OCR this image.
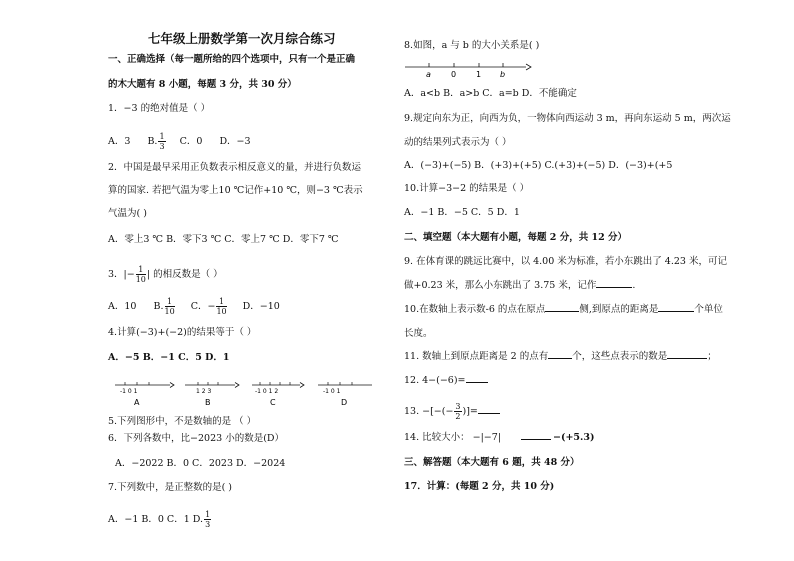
七年级上册数学第一次月综合练习
一、正确选择（每一题所给的四个选项中，只有一个是正确
的木大题有 8 小题，每题 3 分，共 30 分）
1．−3 的绝对值是（ ）
A．3 B. $\frac{1}{3}$ C．0 D．−3
2．中国是最早采用正负数表示相反意义的量，并进行负数运
算的国家. 若把气温为零上10 ℃记作+10 ℃，则−3 ℃表示
气温为( )
A．零上3 ℃ B．零下3 ℃ C．零上7 ℃ D．零下7 ℃
3．|− $\frac{1}{10}$ | 的相反数是（ ）
A．10 B. $\frac{1}{10}$ C．− $\frac{1}{10}$ D．−10
4.计算(−3)+(−2)的结果等于（ ）
A．−5 B．−1 C．5 D．1
-1 0 1
A
1 2 3
B
-1 0 1 2
C
-1 0 1
D
5.下列图形中，不是数轴的是 （ ）
6．下列各数中，比−2023 小的数是(D）
A．−2022 B．0 C．2023 D．−2024
7.下列数中，是正整数的是( )
A．−1 B．0 C．1 D. $\frac{1}{3}$
8.如图，a 与 b 的大小关系是( )
a	0 1 b
A．a<b B．a>b C．a=b D．不能确定
9.规定向东为正，向西为负，一物体向西运动 3 m，再向东运动 5 m，两次运
动的结果列式表示为（ ）
A．(−3)+(−5) B．(+3)+(+5) C.(+3)+(−5) D．(−3)+(+5
10.计算−3−2 的结果是（ ）
A．−1 B．−5 C．5 D．1
二、填空题（本大题有小题，每题 2 分，共 12 分）
9. 在体育课的跳远比赛中，以 4.00 米为标准，若小东跳出了 4.23 米，可记
做+0.23 米，那么小东跳出了 3.75 米，记作	.
10.在数轴上表示数-6 的点在原点	侧,到原点的距离是	个单位
长度。
11. 数轴上到原点距离是 2 的点有	个，这些点表示的数是	；
12. 4−(−6)=
13. −[−(− $\frac{3}{2}$ )]=
14. 比较大小： −|−7|	−(+5.3)
三、解答题（本大题有 6 题，共 48 分）
17．计算：(每题 2 分，共 10 分)
